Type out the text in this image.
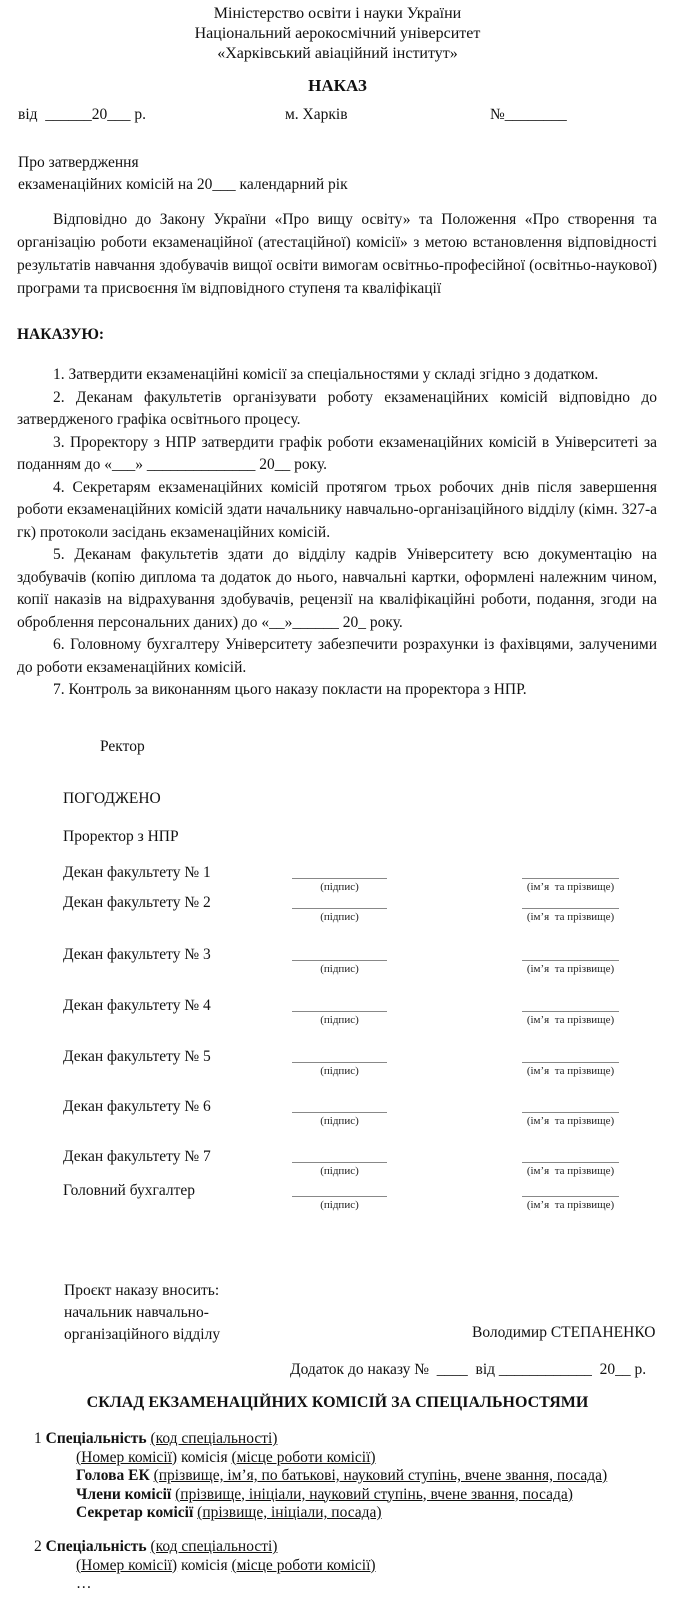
Міністерство освіти і науки України
Національний аерокосмічний університет
«Харківський авіаційний інститут»
НАКАЗ
від  ______20___ р.	м. Харків	№________
Про затвердження
екзаменаційних комісій на 20___ календарний рік
Відповідно до Закону України «Про вищу освіту» та Положення «Про створення та організацію роботи екзаменаційної (атестаційної) комісії» з метою встановлення відповідності результатів навчання здобувачів вищої освіти вимогам освітньо-професійної (освітньо-наукової) програми та присвоєння їм відповідного ступеня та кваліфікації
НАКАЗУЮ:

1. Затвердити екзаменаційні комісії за спеціальностями у складі згідно з додатком.

2. Деканам факультетів організувати роботу екзаменаційних комісій відповідно до затвердженого графіка освітнього процесу.

3. Проректору з НПР затвердити графік роботи екзаменаційних комісій в Університеті за поданням до «___» ______________ 20__ року.

4. Секретарям екзаменаційних комісій протягом трьох робочих днів після завершення роботи екзаменаційних комісій здати начальнику навчально-організаційного відділу (кімн. 327-а гк) протоколи засідань екзаменаційних комісій.

5. Деканам факультетів здати до відділу кадрів Університету всю документацію на здобувачів (копію диплома та додаток до нього, навчальні картки, оформлені належним чином, копії наказів на відрахування здобувачів, рецензії на кваліфікаційні роботи, подання, згоди на оброблення персональних даних) до «__»______ 20_ року.

6. Головному бухгалтеру Університету забезпечити розрахунки із фахівцями, залученими до роботи екзаменаційних комісій.

7. Контроль за виконанням цього наказу покласти на проректора з НПР.

Ректор
ПОГОДЖЕНО
Проректор з НПР
Декан факультету № 1
(підпис)	(ім’я  та прізвище)
Декан факультету № 2
(підпис)	(ім’я  та прізвище)
Декан факультету № 3
(підпис)	(ім’я  та прізвище)
Декан факультету № 4
(підпис)	(ім’я  та прізвище)
Декан факультету № 5
(підпис)	(ім’я  та прізвище)
Декан факультету № 6
(підпис)	(ім’я  та прізвище)
Декан факультету № 7
(підпис)	(ім’я  та прізвище)
Головний бухгалтер
(підпис)	(ім’я  та прізвище)
Проєкт наказу вносить:
начальник навчально-
організаційного відділу	Володимир СТЕПАНЕНКО
Додаток до наказу №  ____  від ____________  20__ р.
СКЛАД ЕКЗАМЕНАЦІЙНИХ КОМІСІЙ ЗА СПЕЦІАЛЬНОСТЯМИ
1 Спеціальність (код спеціальності)
(Номер комісії) комісія (місце роботи комісії)
Голова ЕК (прізвище, ім’я, по батькові, науковий ступінь, вчене звання, посада)
Члени комісії (прізвище, ініціали, науковий ступінь, вчене звання, посада)
Секретар комісії (прізвище, ініціали, посада)
2 Спеціальність (код спеціальності)
(Номер комісії) комісія (місце роботи комісії)
…
